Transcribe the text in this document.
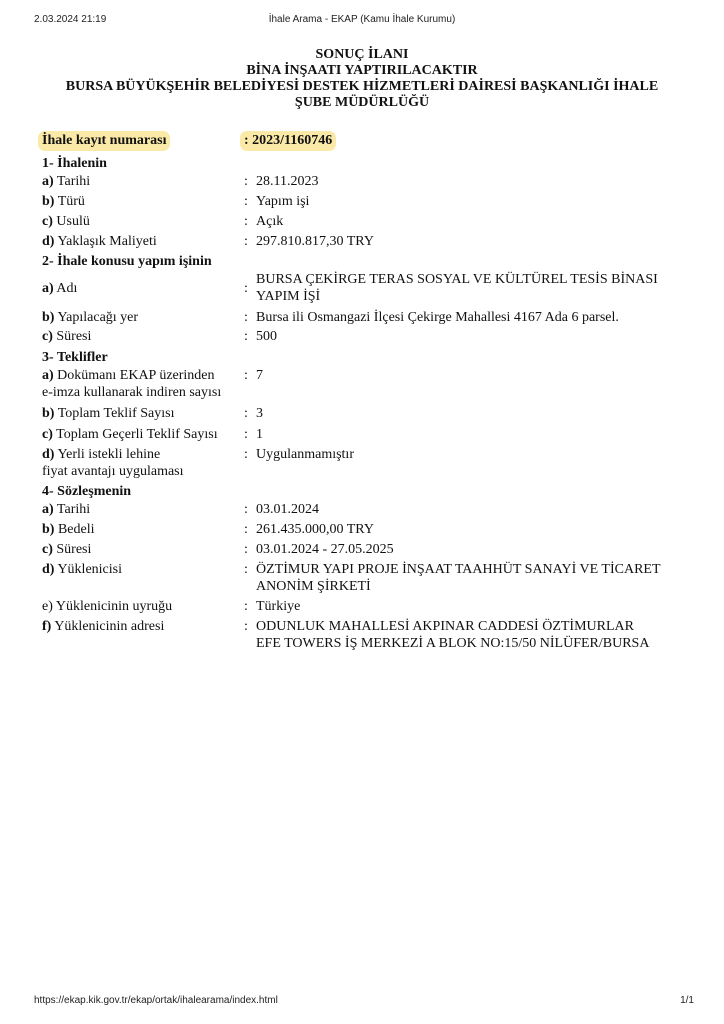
2.03.2024 21:19	İhale Arama - EKAP (Kamu İhale Kurumu)
SONUÇ İLANI
BİNA İNŞAATI YAPTIRILACAKTIR
BURSA BÜYÜKŞEHİR BELEDİYESİ DESTEK HİZMETLERİ DAİRESİ BAŞKANLIĞI İHALE
ŞUBE MÜDÜRLÜĞÜ
İhale kayıt numarası	: 2023/1160746
1- İhalenin
a) Tarihi	: 28.11.2023
b) Türü	: Yapım işi
c) Usulü	: Açık
d) Yaklaşık Maliyeti	: 297.810.817,30 TRY
2- İhale konusu yapım işinin
a) Adı	:
BURSA ÇEKİRGE TERAS SOSYAL VE KÜLTÜREL TESİS BİNASI
YAPIM İŞİ
b) Yapılacağı yer	: Bursa ili Osmangazi İlçesi Çekirge Mahallesi 4167 Ada 6 parsel.
c) Süresi	: 500
3- Teklifler
a) Dokümanı EKAP üzerinden
e-imza kullanarak indiren sayısı
: 7
b) Toplam Teklif Sayısı	: 3
c) Toplam Geçerli Teklif Sayısı	: 1
d) Yerli istekli lehine
fiyat avantajı uygulaması
: Uygulanmamıştır
4- Sözleşmenin
a) Tarihi	: 03.01.2024
b) Bedeli	: 261.435.000,00 TRY
c) Süresi	: 03.01.2024 - 27.05.2025
d) Yüklenicisi	: ÖZTİMUR YAPI PROJE İNŞAAT TAAHHÜT SANAYİ VE TİCARET
ANONİM ŞİRKETİ
e) Yüklenicinin uyruğu	: Türkiye
f) Yüklenicinin adresi	: ODUNLUK MAHALLESİ AKPINAR CADDESİ ÖZTİMURLAR
EFE TOWERS İŞ MERKEZİ A BLOK NO:15/50 NİLÜFER/BURSA
https://ekap.kik.gov.tr/ekap/ortak/ihalearama/index.html	1/1
